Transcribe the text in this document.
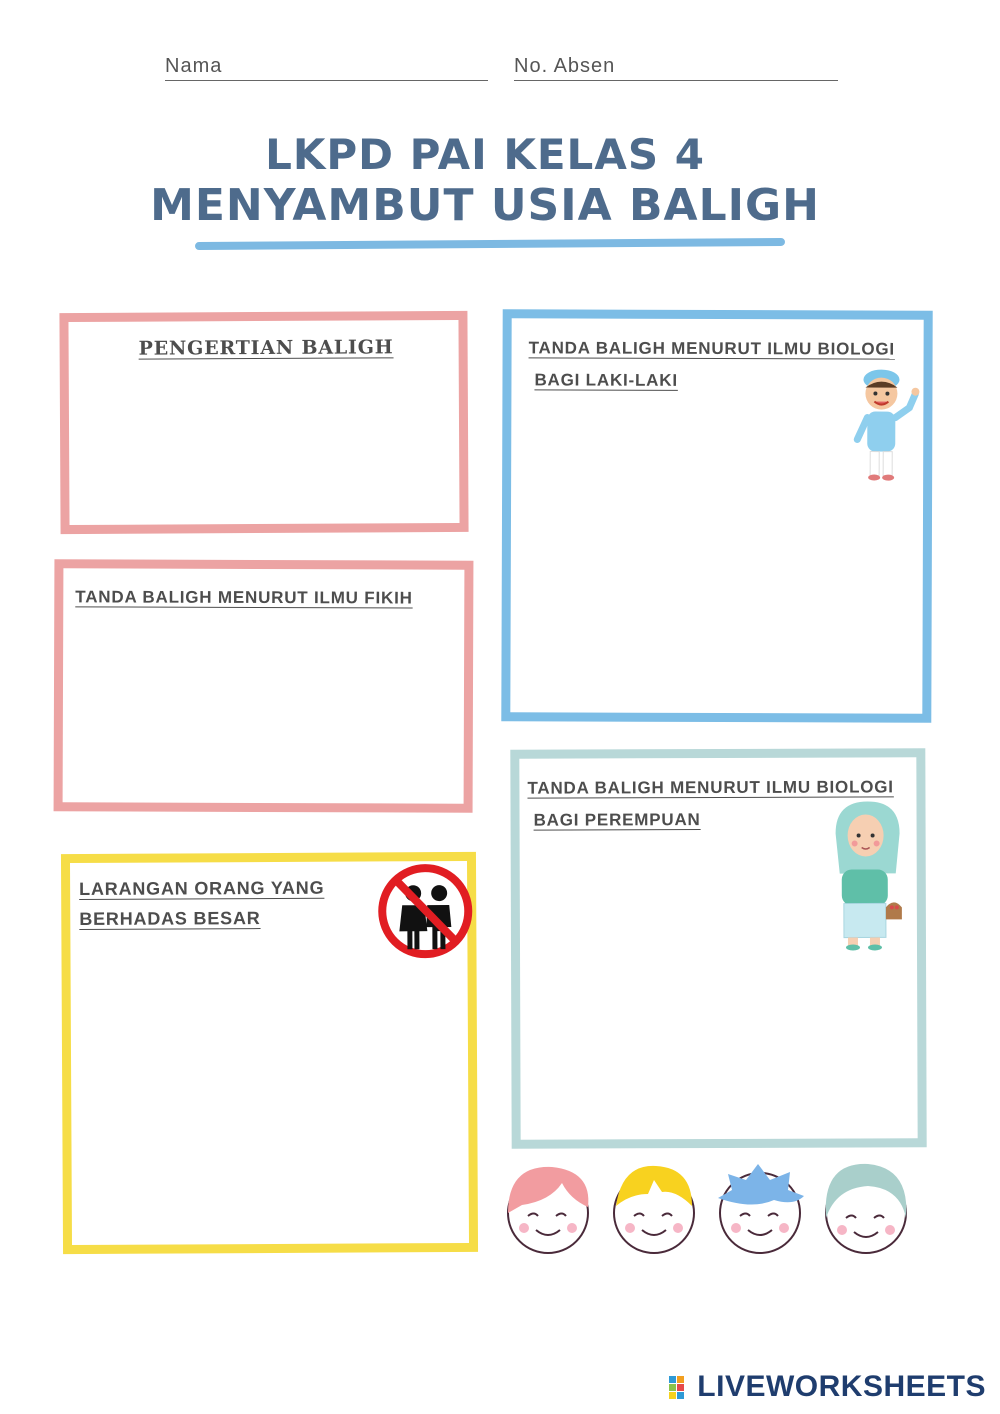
Nama	No. Absen
LKPD PAI KELAS 4
MENYAMBUT USIA BALIGH
PENGERTIAN BALIGH
TANDA BALIGH MENURUT ILMU FIKIH
LARANGAN ORANG YANG
BERHADAS BESAR
TANDA BALIGH MENURUT ILMU BIOLOGI
BAGI LAKI-LAKI
TANDA BALIGH MENURUT ILMU BIOLOGI
BAGI PEREMPUAN
LIVEWORKSHEETS
